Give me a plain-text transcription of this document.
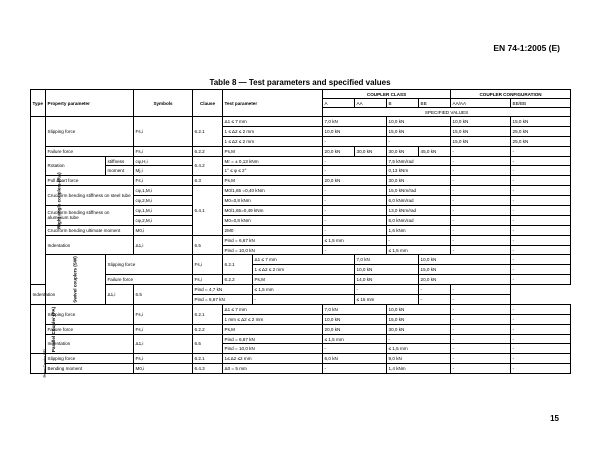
EN 74-1:2005 (E)
Table 8 — Test parameters and specified values
Type	Property parameter		Symbols	Clause	Test parameter		COUPLER CLASS				COUPLER CONFIGURATION		
							A	AA	B	BB	AA/AA	BB/BB	
							SPECIFIED VALUES						
Right angle couplers (RA)	Slipping force		Fs,i	6.2.1	Δ1 ≤ 7 mm		7,0 kN		10,0 kN		10,0 kN	15,0 kN	
					1 ≤ Δ2 ≤ 2 mm		10,0 kN		15,0 kN		15,0 kN	25,0 kN	
					1 ≤ Δ2 ≤ 2 mm		-		-		15,0 kN	25,0 kN	
	Failure force		Fs,i	6.2.2	Ps,M		20,0 kN	30,0 kN	30,0 kN	45,0 kN	-	-	
	Rotation	stiffness	cφ,H,i	6.4.2	Mr = ± 0,13 kNm		-		7,5 kNm/rad		-	-	
		moment	Mj,i		1° ≤ φ ≤ 2°		-		0,13 kNm		-	-	
	Pull apart force		Fs,i	6.3	Ps,M		20,0 kN		30,0 kN		-	-	
	Cruciform bending stiffness on steel tube		cφ,1,M,i	6.4.1	M0/1,65 =0,40 kNm		-		15,0 kNm/rad		-	-	
			cφ,2,M,i		M0=0,8 kNm		-		6,0 kNm/rad		-	-	
	Cruciform bending stiffness on aluminium tube		cφ,1,M,i		M0/1,65=0,49 kNm		-		13,0 kNm/rad		-	-	
			cφ,2,M,i		M0=0,8 kNm		-		5,0 kNm/rad		-	-	
	Cruciform bending ultimate moment		M0,i		2M0		-		1,6 kNm		-	-	
	Indentation		Δ1,i	6.5	Pind = 6,67 kN		≤ 1,5 mm		-		-	-	
					Pind = 10,0 kN		-		≤ 1,5 mm		-	-	
	Swivel couplers (SW)	Slipping force		Fs,i	6.2.1	Δ1 ≤ 7 mm		7,0 kN		10,0 kN		-	
						1 ≤ Δ2 ≤ 2 mm		10,0 kN		15,0 kN		-	
		Failure force		Fs,i	6.2.2	Ps,M		14,0 kN		20,0 kN		-	
Indentation		Δ1,i	6.5	Pind = 4,7 kN		≤ 1,5 mm		-		-	-		
				Pind = 6,67 kN		-		≤ 15 mm		-	-		
Parallel Coupler (PA)	Slipping force		Fs,i	6.2.1	Δ1 ≤ 7 mm		7,0 kN		10,0 kN		-	-	
					1 mm ≤ Δ2 ≤ 2 mm		10,0 kN		15,0 kN		-	-	
	Failure force		Fs,i	6.2.2	Ps,M		20,0 kN		30,0 kN		-	-	
	Indentation		Δ1,i	6.5	Pind = 6,67 kN		≤ 1,5 mm		-		-	-	
					Pind = 10,0 kN		-		≤ 1,5 mm		-	-	
Sleeve Coupler (SF)	Slipping force		Fs,i	6.2.1	1≤ Δ2 ≤2 mm		6,0 kN		9,0 kN		-	-	
	Bending moment		M0,i	6.4.3	Δ0 = 5 mm		-		1,4 kNm		-	-	
15
